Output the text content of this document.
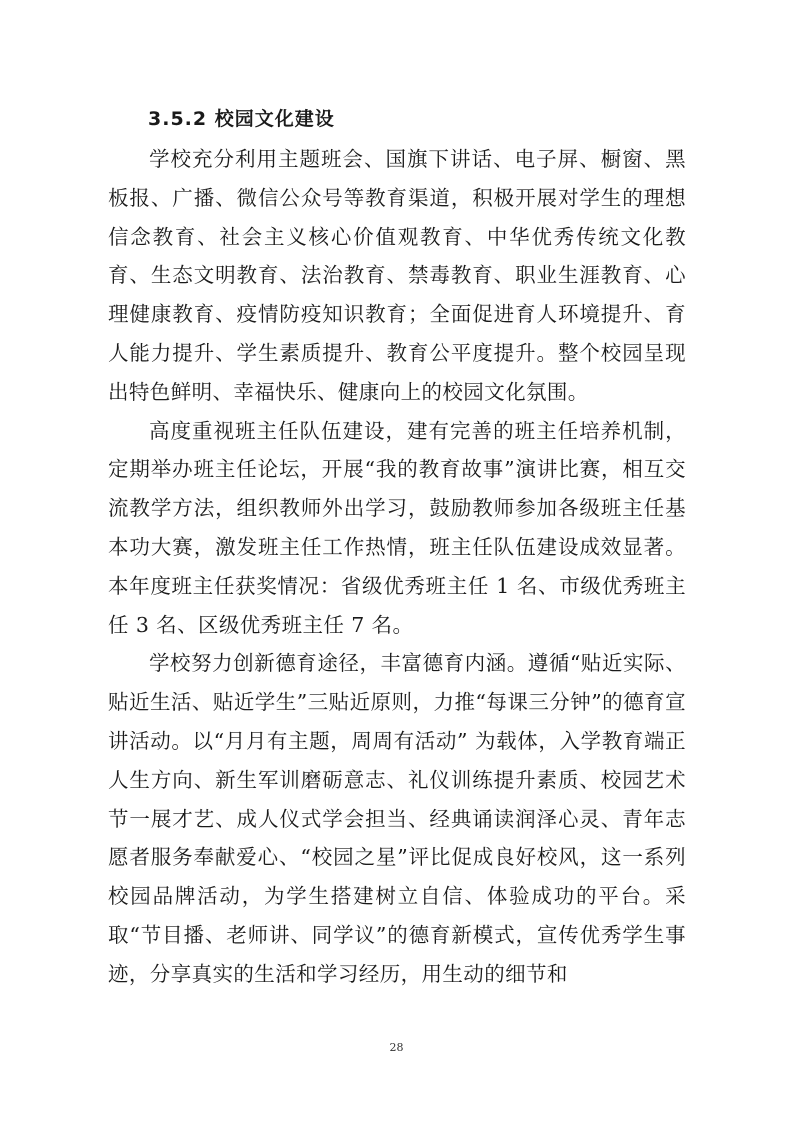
3.5.2 校园文化建设

学校充分利用主题班会、国旗下讲话、电子屏、橱窗、黑板报、广播、微信公众号等教育渠道，积极开展对学生的理想信念教育、社会主义核心价值观教育、中华优秀传统文化教育、生态文明教育、法治教育、禁毒教育、职业生涯教育、心理健康教育、疫情防疫知识教育；全面促进育人环境提升、育人能力提升、学生素质提升、教育公平度提升。整个校园呈现出特色鲜明、幸福快乐、健康向上的校园文化氛围。

高度重视班主任队伍建设，建有完善的班主任培养机制，定期举办班主任论坛，开展“我的教育故事”演讲比赛，相互交流教学方法，组织教师外出学习，鼓励教师参加各级班主任基本功大赛，激发班主任工作热情，班主任队伍建设成效显著。本年度班主任获奖情况：省级优秀班主任 1 名、市级优秀班主任 3 名、区级优秀班主任 7 名。

学校努力创新德育途径，丰富德育内涵。遵循“贴近实际、贴近生活、贴近学生”三贴近原则，力推“每课三分钟”的德育宣讲活动。以“月月有主题，周周有活动” 为载体，入学教育端正人生方向、新生军训磨砺意志、礼仪训练提升素质、校园艺术节一展才艺、成人仪式学会担当、经典诵读润泽心灵、青年志愿者服务奉献爱心、“校园之星”评比促成良好校风，这一系列校园品牌活动，为学生搭建树立自信、体验成功的平台。采取“节目播、老师讲、同学议”的德育新模式，宣传优秀学生事迹，分享真实的生活和学习经历，用生动的细节和

28
